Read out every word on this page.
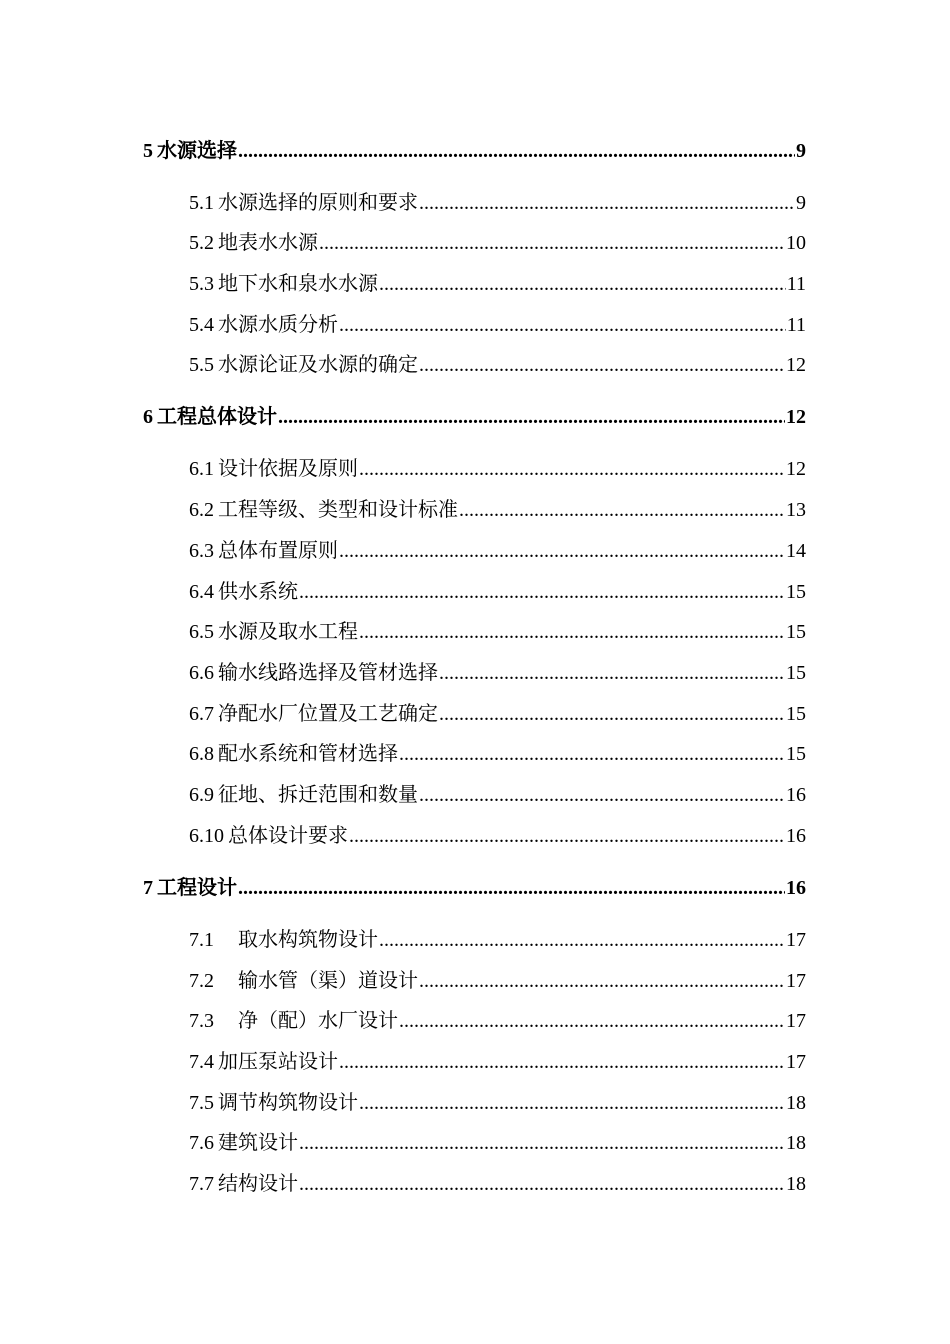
5 水源选择 .....	9
5.1 水源选择的原则和要求 .....	9
5.2 地表水水源 .....	10
5.3 地下水和泉水水源 .....	11
5.4 水源水质分析 .....	11
5.5 水源论证及水源的确定 .....	12
6 工程总体设计 .....	12
6.1 设计依据及原则 .....	12
6.2 工程等级、类型和设计标准 .....	13
6.3 总体布置原则 .....	14
6.4 供水系统 .....	15
6.5 水源及取水工程 .....	15
6.6 输水线路选择及管材选择 .....	15
6.7 净配水厂位置及工艺确定 .....	15
6.8 配水系统和管材选择 .....	15
6.9 征地、拆迁范围和数量 .....	16
6.10 总体设计要求 .....	16
7 工程设计 .....	16
7.1 取水构筑物设计 .....	17
7.2 输水管（渠）道设计 .....	17
7.3 净（配）水厂设计 .....	17
7.4 加压泵站设计 .....	17
7.5 调节构筑物设计 .....	18
7.6 建筑设计 .....	18
7.7 结构设计 .....	18
